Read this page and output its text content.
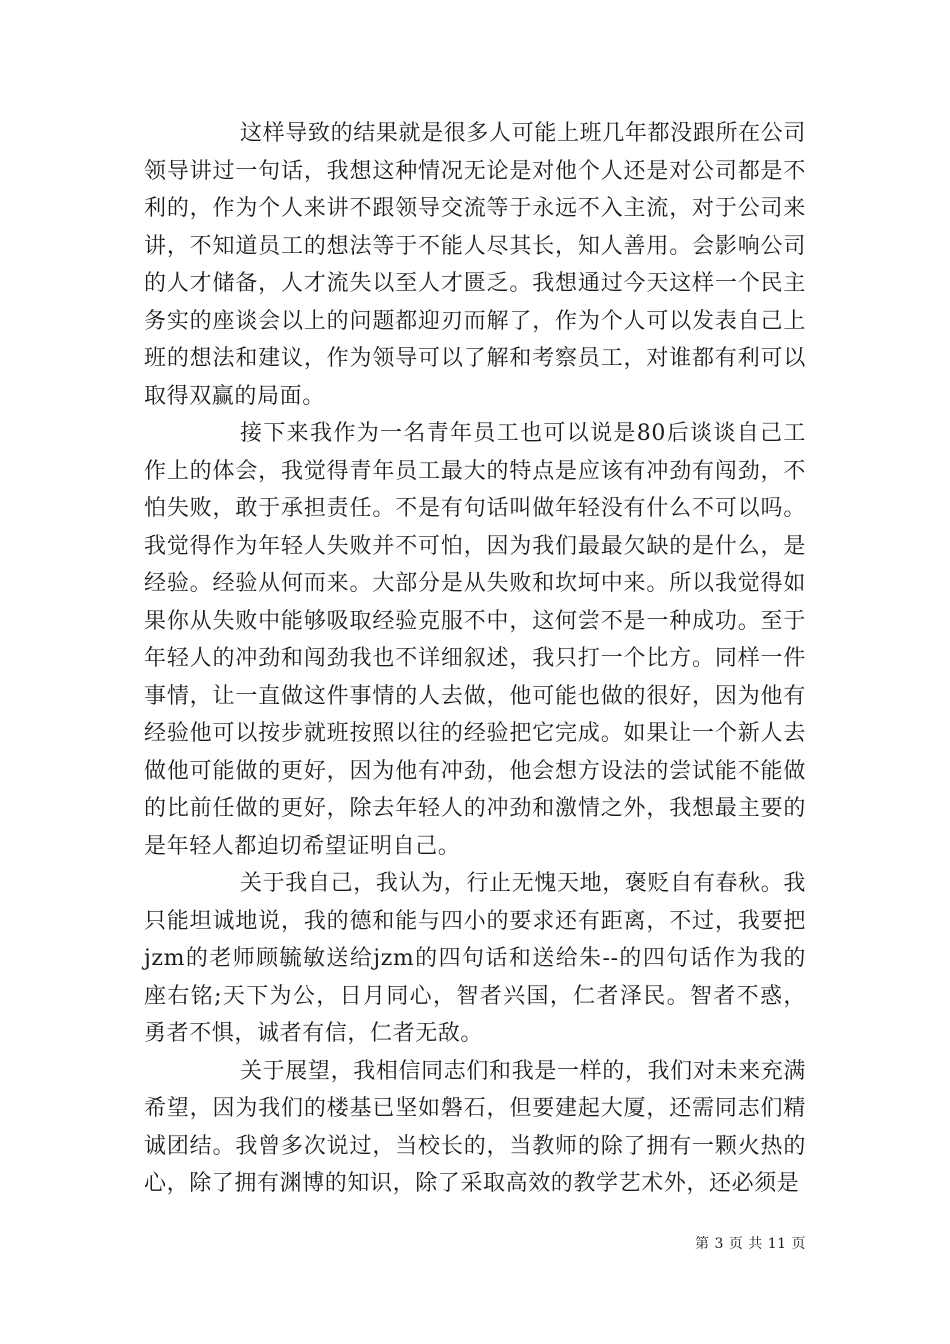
这样导致的结果就是很多人可能上班几年都没跟所在公司领导讲过一句话，我想这种情况无论是对他个人还是对公司都是不利的，作为个人来讲不跟领导交流等于永远不入主流，对于公司来讲，不知道员工的想法等于不能人尽其长，知人善用。会影响公司的人才储备，人才流失以至人才匮乏。我想通过今天这样一个民主务实的座谈会以上的问题都迎刃而解了，作为个人可以发表自己上班的想法和建议，作为领导可以了解和考察员工，对谁都有利可以取得双赢的局面。

接下来我作为一名青年员工也可以说是80后谈谈自己工作上的体会，我觉得青年员工最大的特点是应该有冲劲有闯劲，不怕失败，敢于承担责任。不是有句话叫做年轻没有什么不可以吗。我觉得作为年轻人失败并不可怕，因为我们最最欠缺的是什么，是经验。经验从何而来。大部分是从失败和坎坷中来。所以我觉得如果你从失败中能够吸取经验克服不中，这何尝不是一种成功。至于年轻人的冲劲和闯劲我也不详细叙述，我只打一个比方。同样一件事情，让一直做这件事情的人去做，他可能也做的很好，因为他有经验他可以按步就班按照以往的经验把它完成。如果让一个新人去做他可能做的更好，因为他有冲劲，他会想方设法的尝试能不能做的比前任做的更好，除去年轻人的冲劲和激情之外，我想最主要的是年轻人都迫切希望证明自己。

关于我自己，我认为，行止无愧天地，褒贬自有春秋。我只能坦诚地说，我的德和能与四小的要求还有距离，不过，我要把jzm的老师顾毓敏送给jzm的四句话和送给朱--的四句话作为我的座右铭;天下为公，日月同心，智者兴国，仁者泽民。智者不惑，勇者不惧，诚者有信，仁者无敌。

关于展望，我相信同志们和我是一样的，我们对未来充满希望，因为我们的楼基已坚如磐石，但要建起大厦，还需同志们精诚团结。我曾多次说过，当校长的，当教师的除了拥有一颗火热的心，除了拥有渊博的知识，除了采取高效的教学艺术外，还必须是

第 3 页 共 11 页
